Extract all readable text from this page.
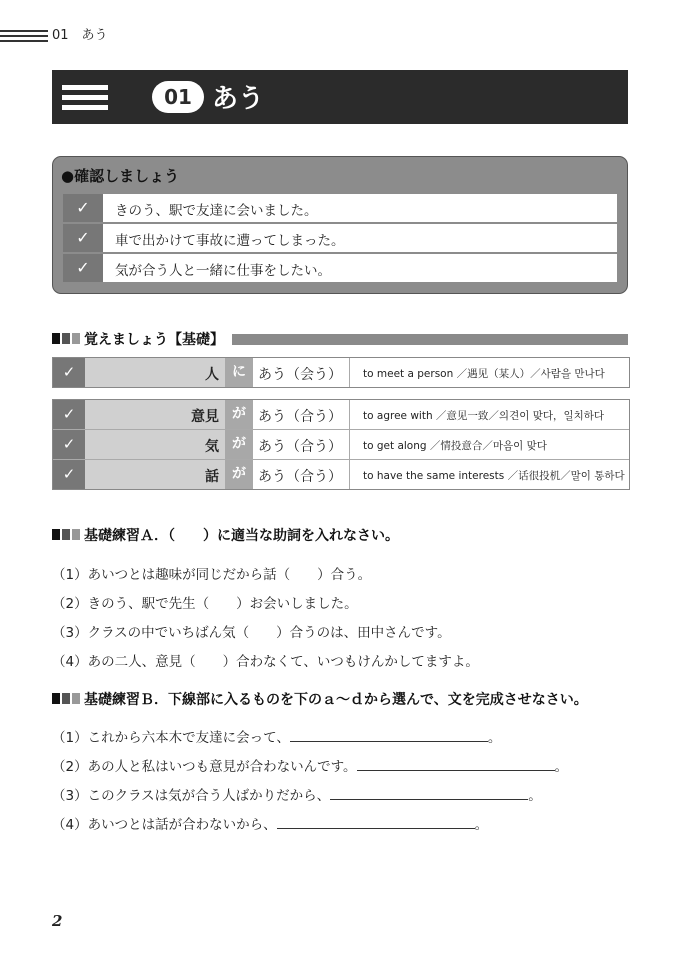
01　あう
01 あう
●確認しましょう
✓	きのう、駅で友達に会いました。
✓	車で出かけて事故に遭ってしまった。
✓	気が合う人と一緒に仕事をしたい。
覚えましょう【基礎】
✓	人 に あう（会う） to meet a person ／遇见（某人）／사람을 만나다
✓	意見 が あう（合う） to agree with ／意见一致／의견이 맞다，일치하다
✓	気 が あう（合う） to get along ／情投意合／마음이 맞다
✓	話 が あう（合う） to have the same interests ／话很投机／말이 통하다
基礎練習Ａ．（　　）に適当な助詞を入れなさい。
（1）あいつとは趣味が同じだから話（　　）合う。
（2）きのう、駅で先生（　　）お会いしました。
（3）クラスの中でいちばん気（　　）合うのは、田中さんです。
（4）あの二人、意見（　　）合わなくて、いつもけんかしてますよ。
基礎練習Ｂ．下線部に入るものを下のａ～ｄから選んで、文を完成させなさい。
（1）これから六本木で友達に会って、	。
（2）あの人と私はいつも意見が合わないんです。	。
（3）このクラスは気が合う人ばかりだから、	。
（4）あいつとは話が合わないから、	。
2
